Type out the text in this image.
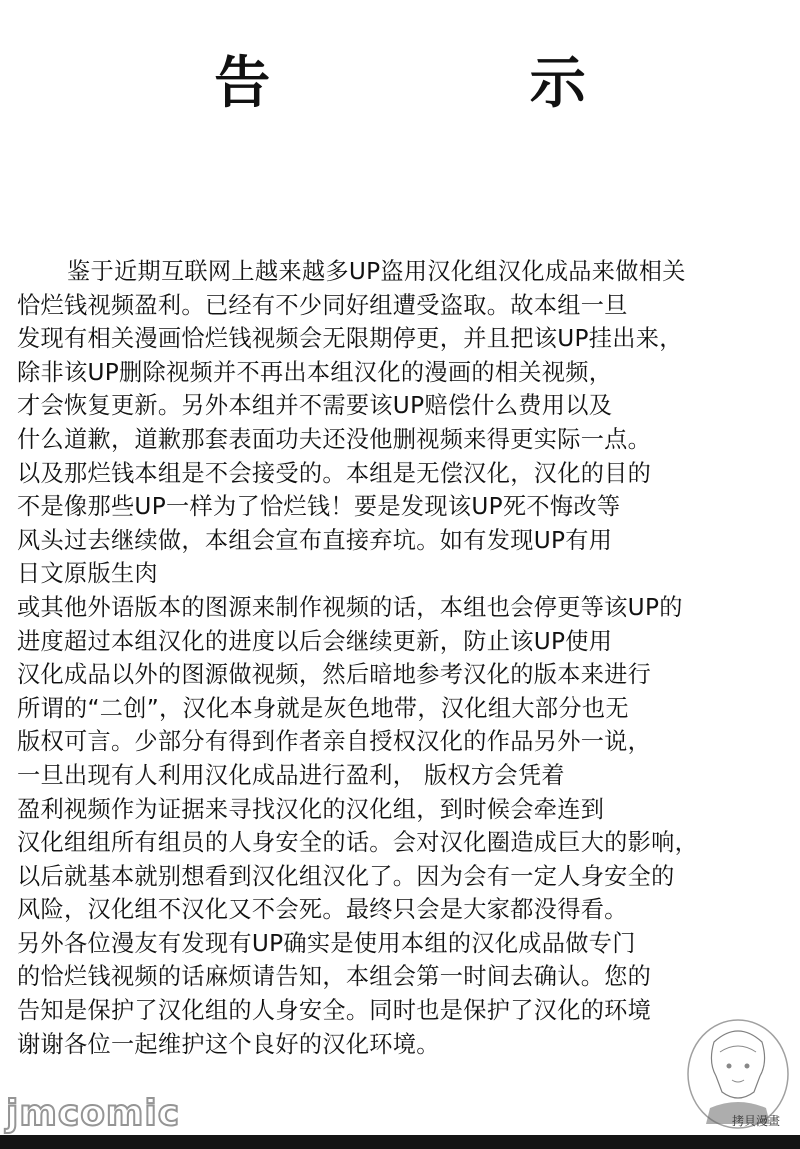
告 示
鉴于近期互联网上越来越多UP盗用汉化组汉化成品来做相关
恰烂钱视频盈利。已经有不少同好组遭受盗取。故本组一旦
发现有相关漫画恰烂钱视频会无限期停更，并且把该UP挂出来，
除非该UP删除视频并不再出本组汉化的漫画的相关视频，
才会恢复更新。另外本组并不需要该UP赔偿什么费用以及
什么道歉，道歉那套表面功夫还没他删视频来得更实际一点。
以及那烂钱本组是不会接受的。本组是无偿汉化，汉化的目的
不是像那些UP一样为了恰烂钱！要是发现该UP死不悔改等
风头过去继续做，本组会宣布直接弃坑。如有发现UP有用
日文原版生肉
或其他外语版本的图源来制作视频的话，本组也会停更等该UP的
进度超过本组汉化的进度以后会继续更新，防止该UP使用
汉化成品以外的图源做视频，然后暗地参考汉化的版本来进行
所谓的“二创”，汉化本身就是灰色地带，汉化组大部分也无
版权可言。少部分有得到作者亲自授权汉化的作品另外一说，
一旦出现有人利用汉化成品进行盈利， 版权方会凭着
盈利视频作为证据来寻找汉化的汉化组，到时候会牵连到
汉化组组所有组员的人身安全的话。会对汉化圈造成巨大的影响，
以后就基本就别想看到汉化组汉化了。因为会有一定人身安全的
风险，汉化组不汉化又不会死。最终只会是大家都没得看。
另外各位漫友有发现有UP确实是使用本组的汉化成品做专门
的恰烂钱视频的话麻烦请告知，本组会第一时间去确认。您的
告知是保护了汉化组的人身安全。同时也是保护了汉化的环境
谢谢各位一起维护这个良好的汉化环境。
jmcomic	拷貝漫畫
